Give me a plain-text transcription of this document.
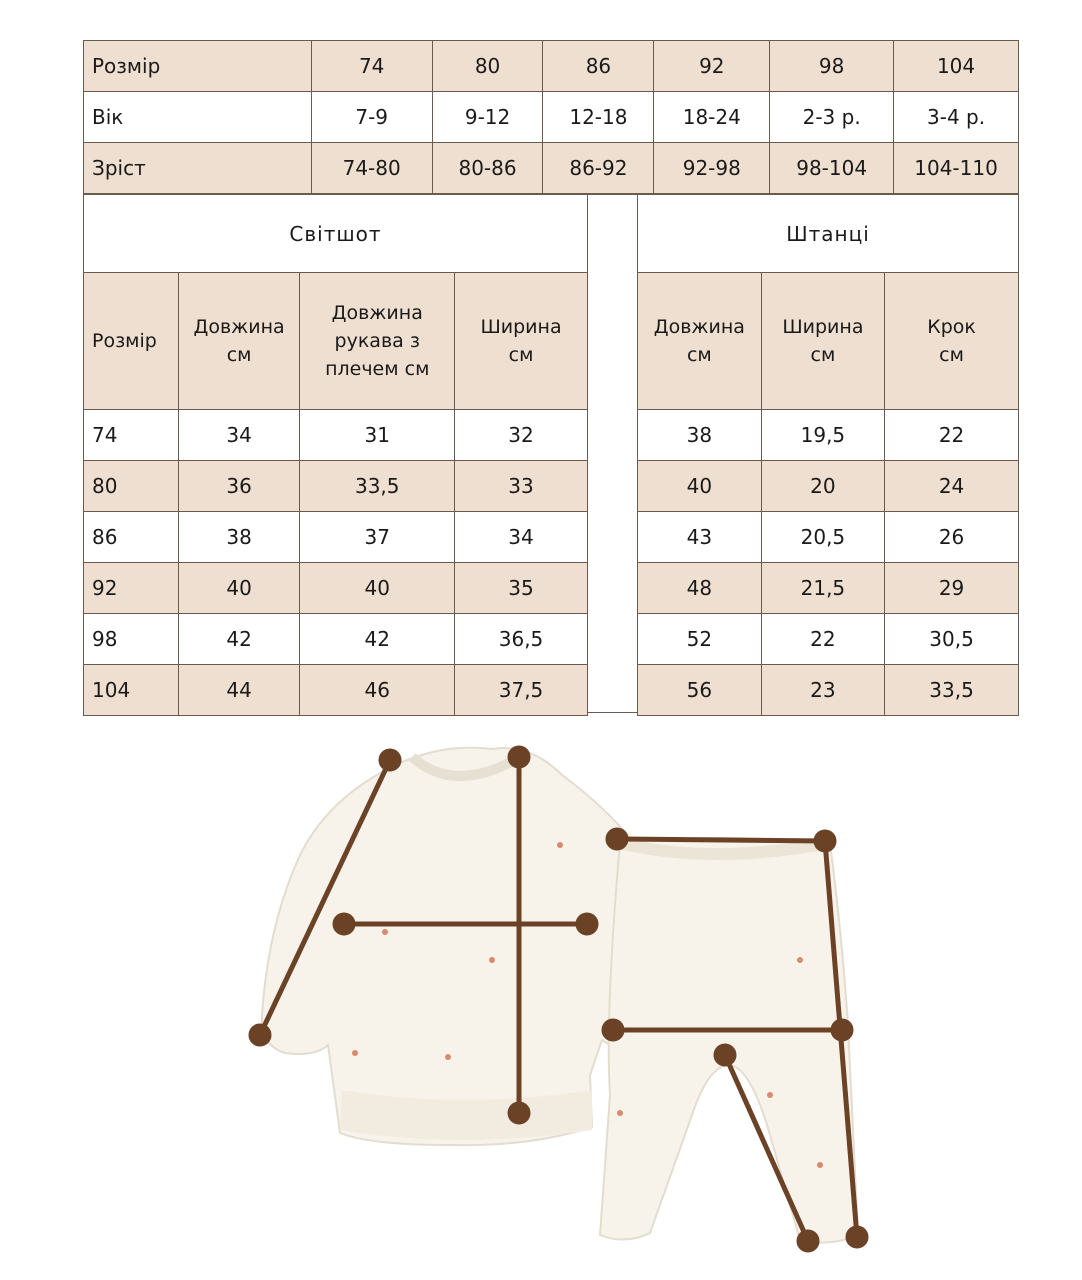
Розмір	74	80	86	92	98	104
Вік	7-9	9-12	12-18	18-24	2-3 р.	3-4 р.
Зріст	74-80	80-86	86-92	92-98	98-104	104-110
Світшот	Штанці
Розмір	Довжина см	Довжина рукава з плечем см	Ширина см
74	34	31	32
80	36	33,5	33
86	38	37	34
92	40	40	35
98	42	42	36,5
104	44	46	37,5
Довжина см	Ширина см	Крок см
38	19,5	22
40	20	24
43	20,5	26
48	21,5	29
52	22	30,5
56	23	33,5
